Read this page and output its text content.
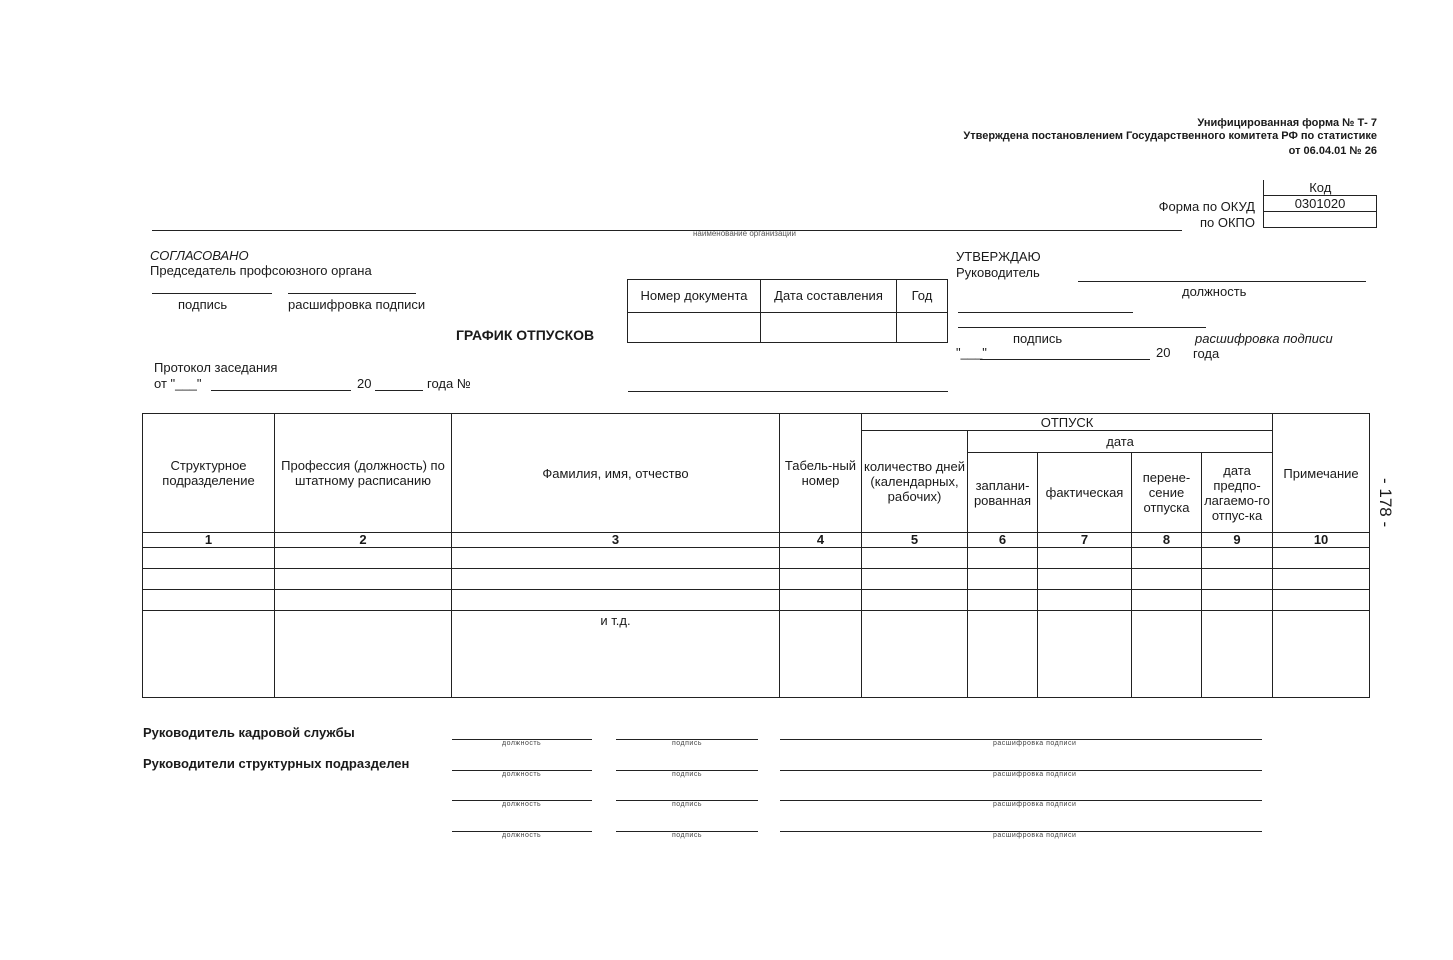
Унифицированная форма № Т- 7
Утверждена постановлением Государственного комитета РФ по статистике
от 06.04.01 № 26
Форма по ОКУД
по ОКПО
Код
0301020

наименование организации
СОГЛАСОВАНО
Председатель профсоюзного органа
подпись	расшифровка подписи
Номер документа	Дата составления	Год

ГРАФИК ОТПУСКОВ
УТВЕРЖДАЮ
Руководитель
должность
подпись	расшифровка подписи
"___"	20 года
Протокол заседания
от "___"	20	года №
Структурное подразделение	Профессия (должность) по штатному расписанию	Фамилия, имя, отчество	Табель-ный номер	ОТПУСК					Примечание
				количество дней (календарных, рабочих)	дата				
					заплани-рованная	фактическая	перене-сение отпуска	дата предпо-лагаемо-го отпус-ка	
1	2	3	4	5	6	7	8	9	10

		и т.д.							
- 178 -
Руководитель кадровой службы
Руководители структурных подразделен
должность	подпись	расшифровка подписи
должность	подпись	расшифровка подписи
должность	подпись	расшифровка подписи
должность	подпись	расшифровка подписи
